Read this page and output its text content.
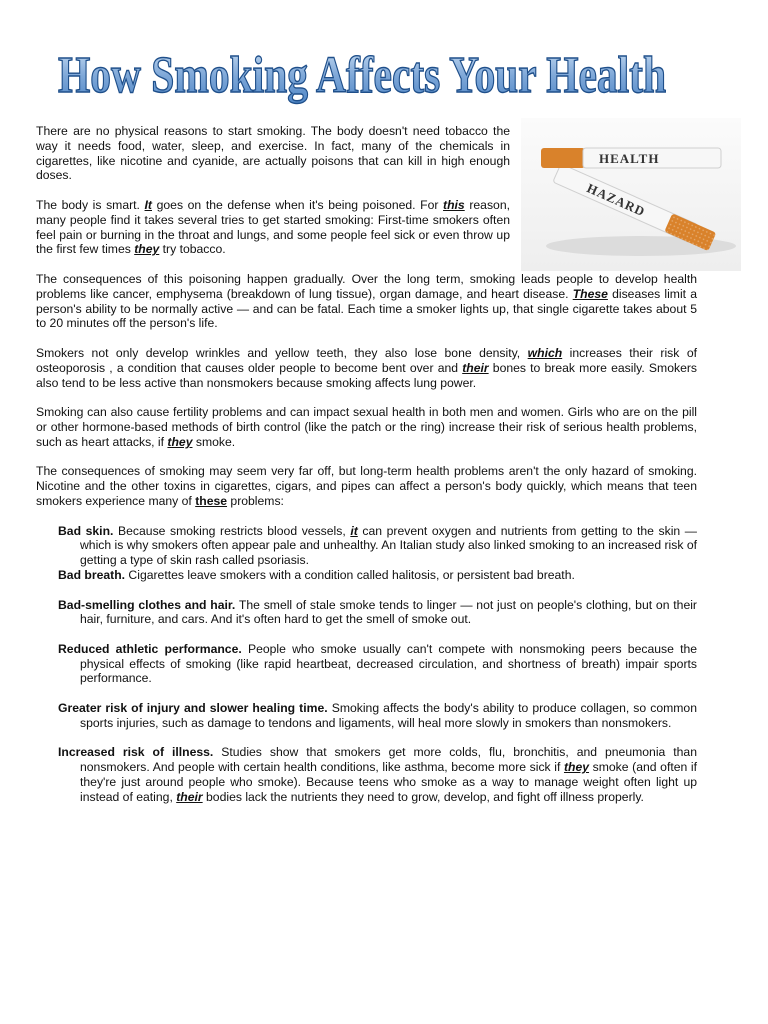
How Smoking Affects Your Health
HAZARD
HEALTH

There are no physical reasons to start smoking. The body doesn't need tobacco the way it needs food, water, sleep, and exercise. In fact, many of the chemicals in cigarettes, like nicotine and cyanide, are actually poisons that can kill in high enough doses.

The body is smart. It goes on the defense when it's being poisoned. For this reason, many people find it takes several tries to get started smoking: First-time smokers often feel pain or burning in the throat and lungs, and some people feel sick or even throw up the first few times they try tobacco.

The consequences of this poisoning happen gradually. Over the long term, smoking leads people to develop health problems like cancer, emphysema (breakdown of lung tissue), organ damage, and heart disease. These diseases limit a person's ability to be normally active — and can be fatal. Each time a smoker lights up, that single cigarette takes about 5 to 20 minutes off the person's life.

Smokers not only develop wrinkles and yellow teeth, they also lose bone density, which increases their risk of osteoporosis , a condition that causes older people to become bent over and their bones to break more easily. Smokers also tend to be less active than nonsmokers because smoking affects lung power.

Smoking can also cause fertility problems and can impact sexual health in both men and women. Girls who are on the pill or other hormone-based methods of birth control (like the patch or the ring) increase their risk of serious health problems, such as heart attacks, if they smoke.

The consequences of smoking may seem very far off, but long-term health problems aren't the only hazard of smoking. Nicotine and the other toxins in cigarettes, cigars, and pipes can affect a person's body quickly, which means that teen smokers experience many of these problems:

Bad skin. Because smoking restricts blood vessels, it can prevent oxygen and nutrients from getting to the skin — which is why smokers often appear pale and unhealthy. An Italian study also linked smoking to an increased risk of getting a type of skin rash called psoriasis.
Bad breath. Cigarettes leave smokers with a condition called halitosis, or persistent bad breath.
Bad-smelling clothes and hair. The smell of stale smoke tends to linger — not just on people's clothing, but on their hair, furniture, and cars. And it's often hard to get the smell of smoke out.
Reduced athletic performance. People who smoke usually can't compete with nonsmoking peers because the physical effects of smoking (like rapid heartbeat, decreased circulation, and shortness of breath) impair sports performance.
Greater risk of injury and slower healing time. Smoking affects the body's ability to produce collagen, so common sports injuries, such as damage to tendons and ligaments, will heal more slowly in smokers than nonsmokers.
Increased risk of illness. Studies show that smokers get more colds, flu, bronchitis, and pneumonia than nonsmokers. And people with certain health conditions, like asthma, become more sick if they smoke (and often if they're just around people who smoke). Because teens who smoke as a way to manage weight often light up instead of eating, their bodies lack the nutrients they need to grow, develop, and fight off illness properly.
